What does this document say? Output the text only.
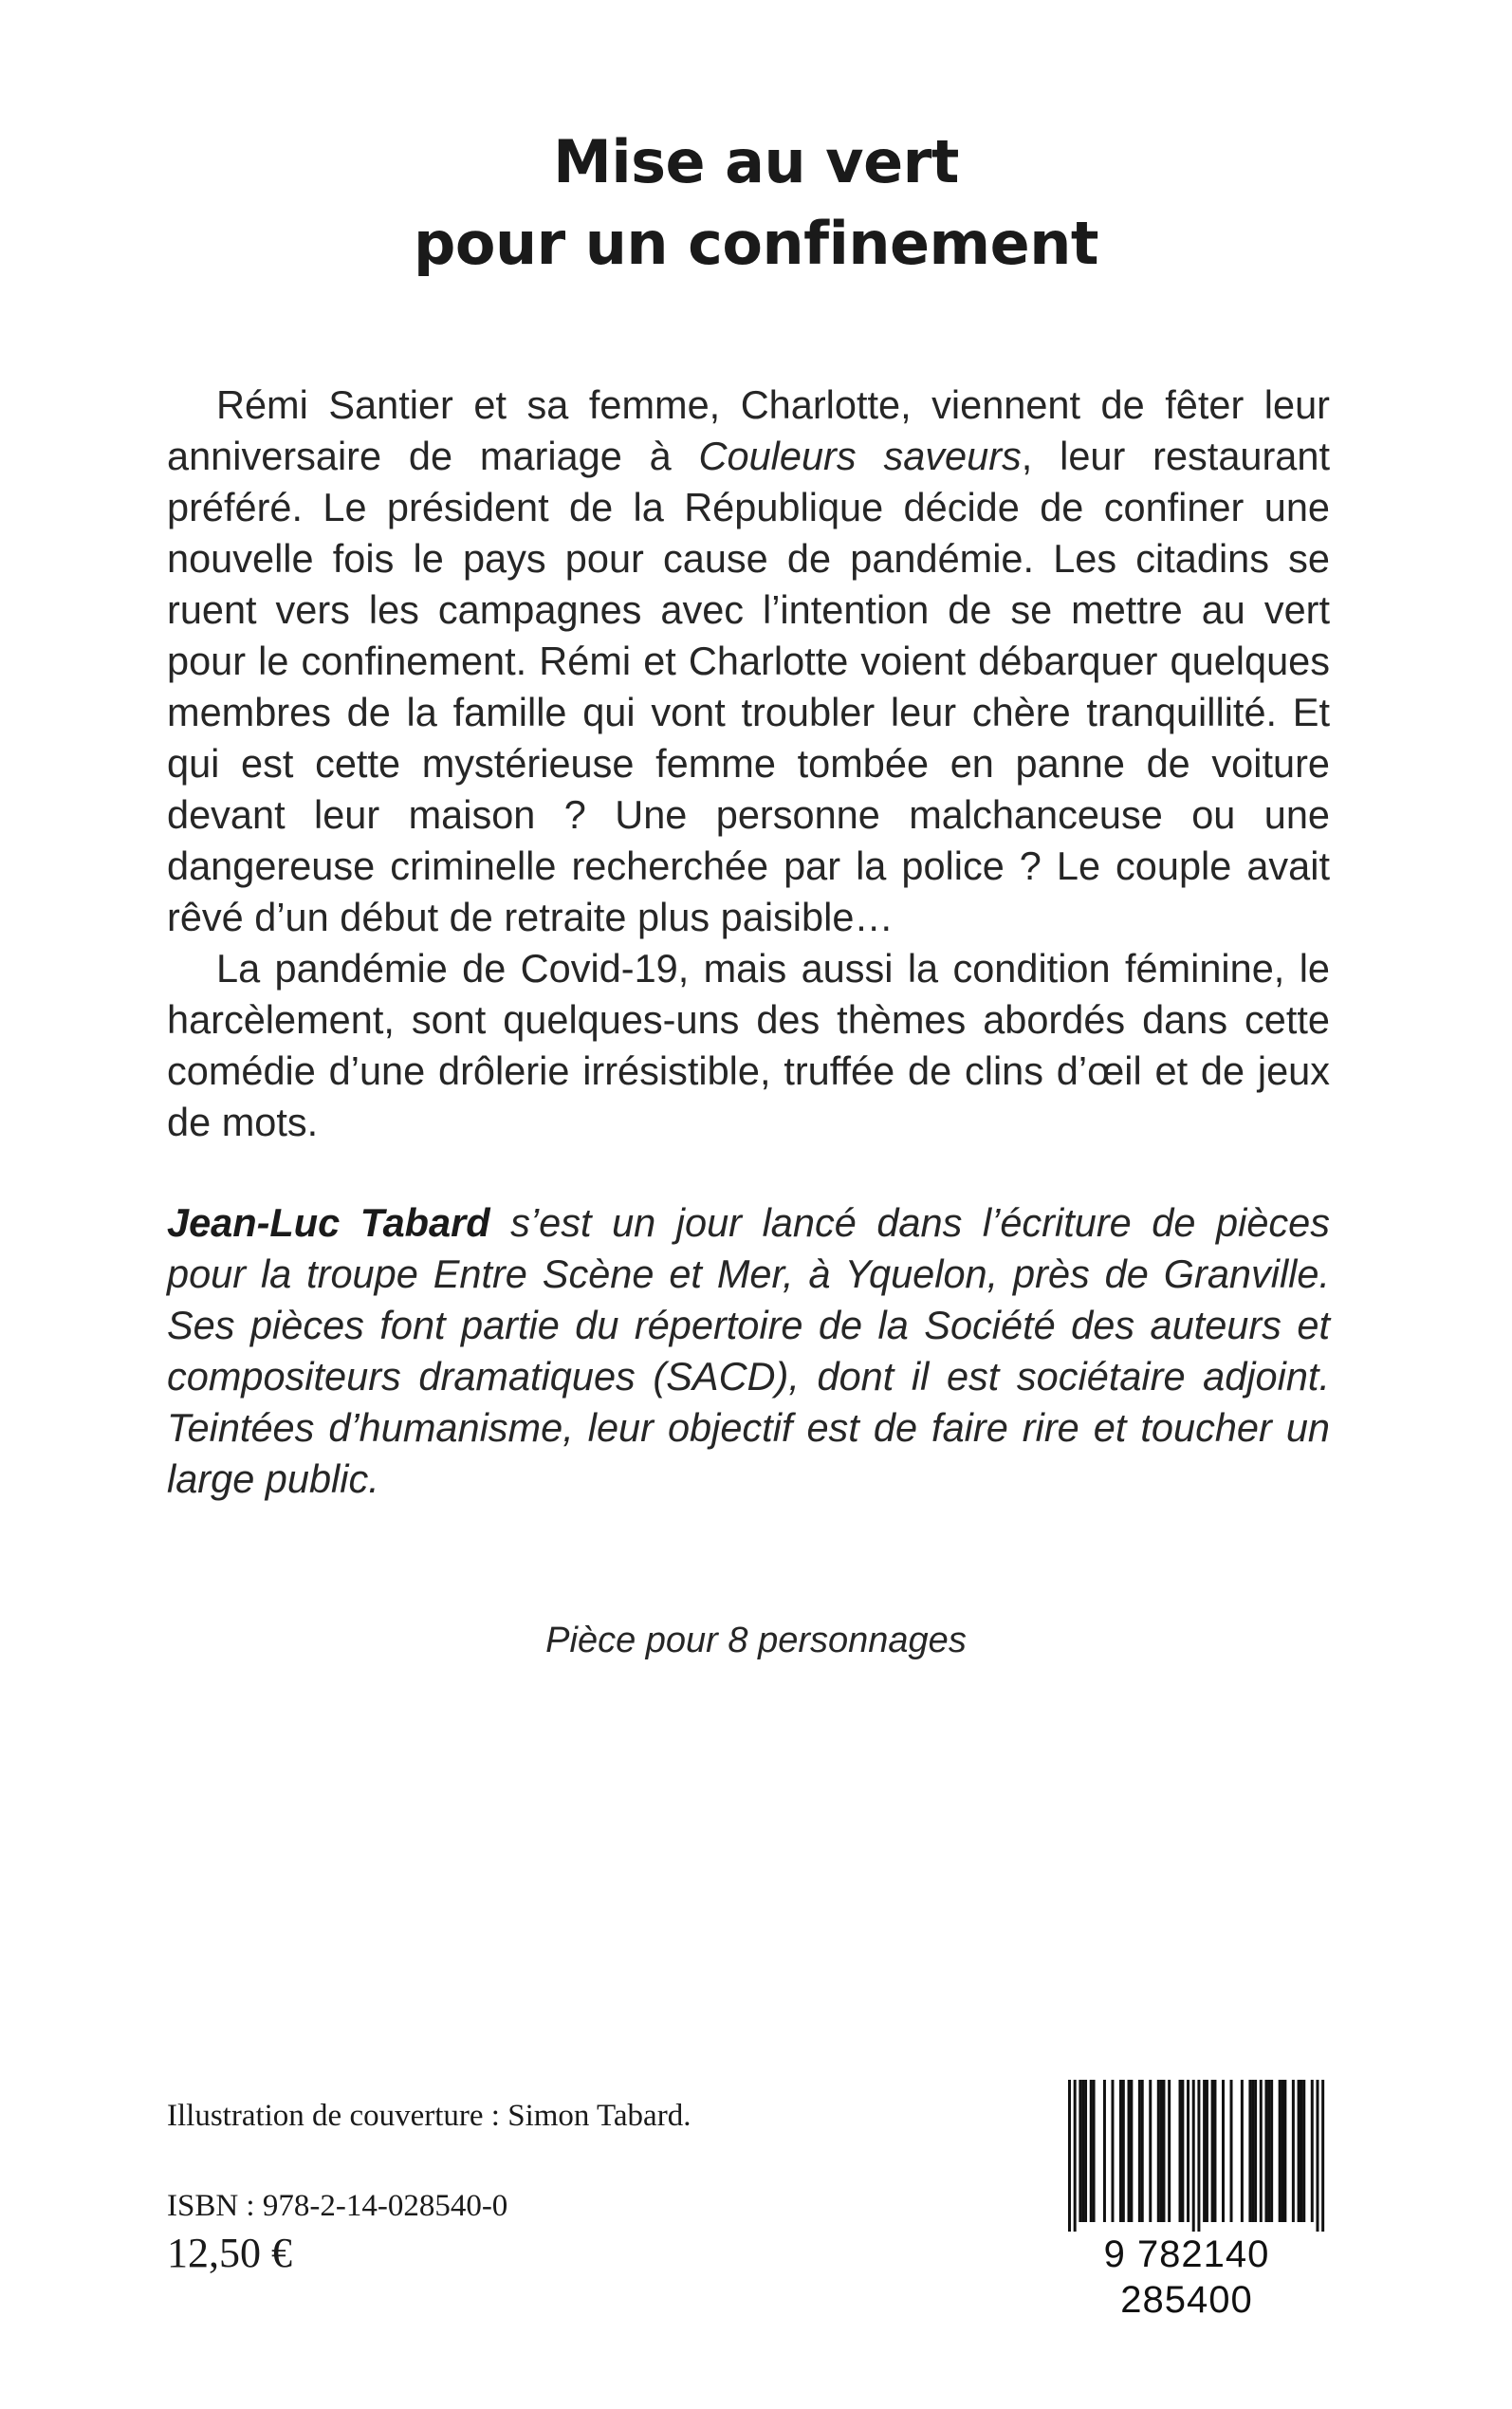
Mise au vert
pour un confinement

Rémi Santier et sa femme, Charlotte, viennent de fêter leur anniversaire de mariage à Couleurs saveurs, leur restaurant préféré. Le président de la République décide de confiner une nouvelle fois le pays pour cause de pandémie. Les citadins se ruent vers les campagnes avec l’intention de se mettre au vert pour le confinement. Rémi et Charlotte voient débarquer quelques membres de la famille qui vont troubler leur chère tranquillité. Et qui est cette mystérieuse femme tombée en panne de voiture devant leur maison ? Une personne malchanceuse ou une dangereuse criminelle recherchée par la police ? Le couple avait rêvé d’un début de retraite plus paisible…

La pandémie de Covid-19, mais aussi la condition féminine, le harcèlement, sont quelques-uns des thèmes abordés dans cette comédie d’une drôlerie irrésistible, truffée de clins d’œil et de jeux de mots.

Jean-Luc Tabard s’est un jour lancé dans l’écriture de pièces pour la troupe Entre Scène et Mer, à Yquelon, près de Granville. Ses pièces font partie du répertoire de la Société des auteurs et compositeurs dramatiques (SACD), dont il est sociétaire adjoint. Teintées d’humanisme, leur objectif est de faire rire et toucher un large public.

Pièce pour 8 personnages
Illustration de couverture : Simon Tabard.
ISBN : 978-2-14-028540-0
12,50 €	9 782140 285400
